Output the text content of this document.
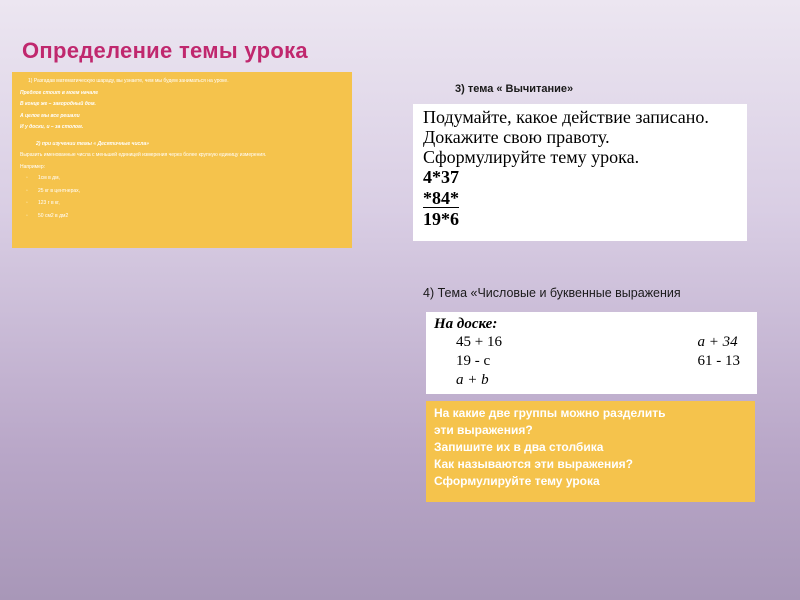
Определение темы урока

1) Разгадав математическую шараду, вы узнаете, чем мы будем заниматься на уроке.

Предлог стоит в моем начале

В конце же – загородный дом.

А целое мы все решали

И у доски, и – за столом.

2) при изучении темы « Десятичные числа»

Выразить именованные числа с меньшей единицей измерения через более крупную единицу измерения.

Например:

▫ 1см в дм,
▫ 25 кг в центнерах,
▫ 123 г в кг,
▫ 50 см2 в дм2
3) тема « Вычитание»
Подумайте, какое действие записано.
Докажите свою правоту.
Сформулируйте тему урока.
4*37
*84*
19*6
4) Тема «Числовые и буквенные выражения
На доске:
45 + 16	a + 34
19 - c	61 - 13
a + b

На какие две группы можно разделить

эти выражения?

Запишите их в два столбика

Как называются эти выражения?

Сформулируйте тему урока
